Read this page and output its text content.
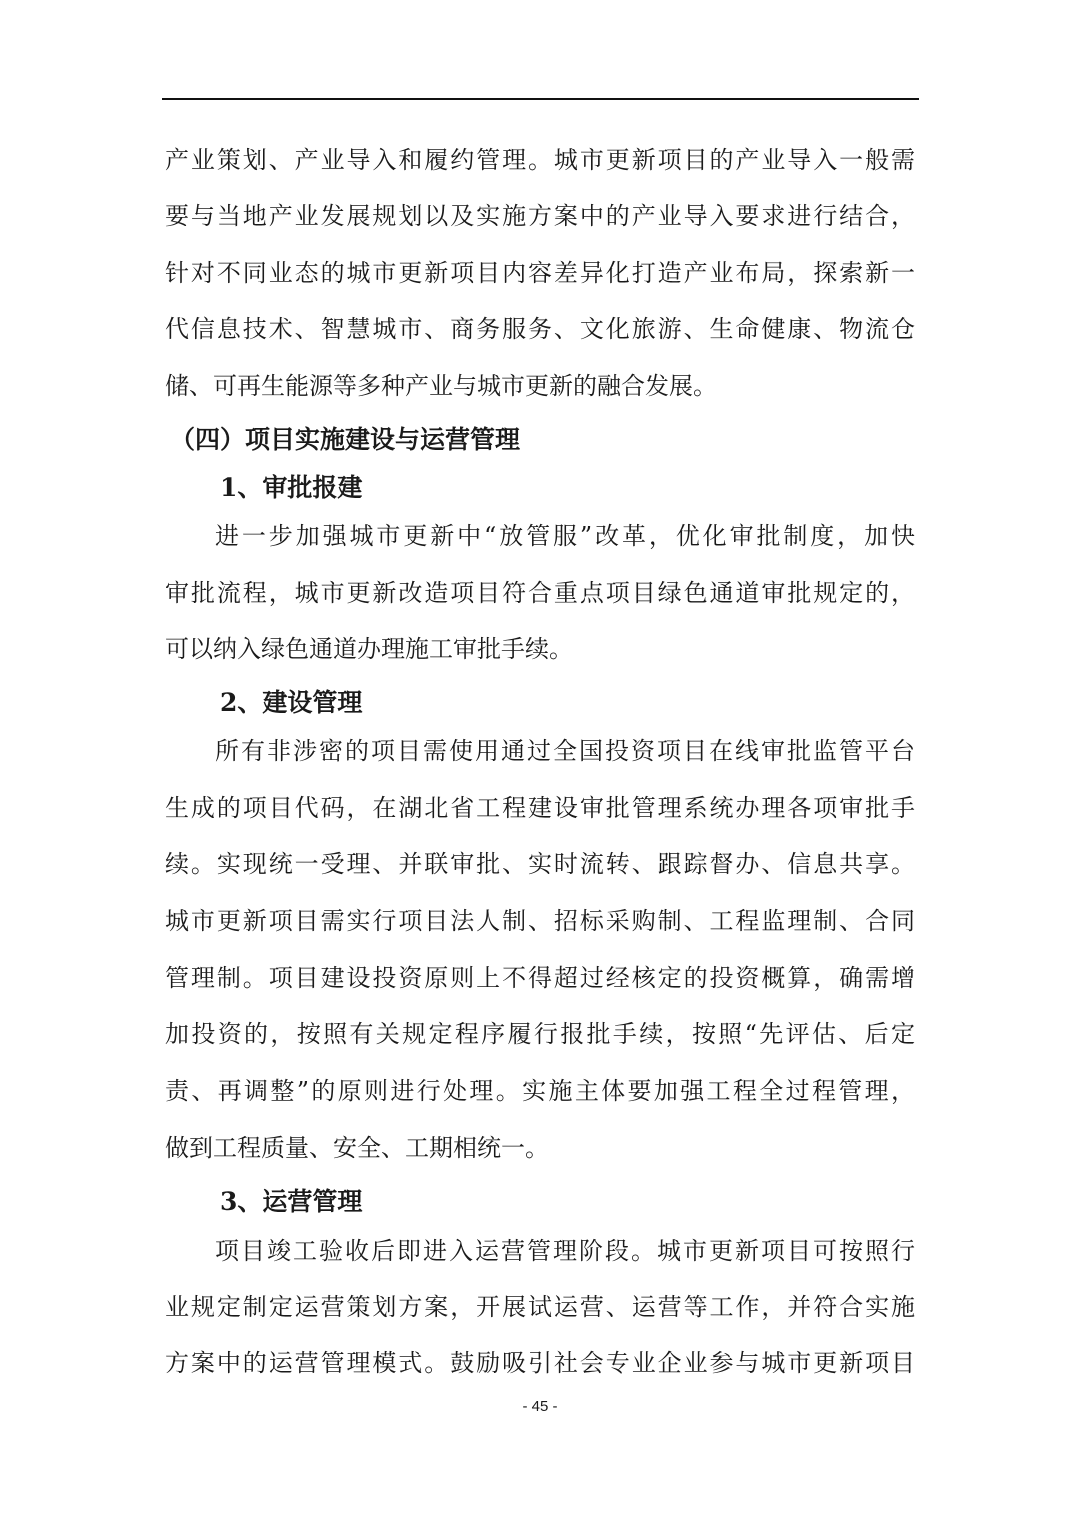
产业策划、产业导入和履约管理。城市更新项目的产业导入一般需
要与当地产业发展规划以及实施方案中的产业导入要求进行结合，
针对不同业态的城市更新项目内容差异化打造产业布局，探索新一
代信息技术、智慧城市、商务服务、文化旅游、生命健康、物流仓
储、可再生能源等多种产业与城市更新的融合发展。
（四）项目实施建设与运营管理
1、审批报建
进一步加强城市更新中“放管服”改革，优化审批制度，加快
审批流程，城市更新改造项目符合重点项目绿色通道审批规定的，
可以纳入绿色通道办理施工审批手续。
2、建设管理
所有非涉密的项目需使用通过全国投资项目在线审批监管平台
生成的项目代码，在湖北省工程建设审批管理系统办理各项审批手
续。实现统一受理、并联审批、实时流转、跟踪督办、信息共享。
城市更新项目需实行项目法人制、招标采购制、工程监理制、合同
管理制。项目建设投资原则上不得超过经核定的投资概算，确需增
加投资的，按照有关规定程序履行报批手续，按照“先评估、后定
责、再调整”的原则进行处理。实施主体要加强工程全过程管理，
做到工程质量、安全、工期相统一。
3、运营管理
项目竣工验收后即进入运营管理阶段。城市更新项目可按照行
业规定制定运营策划方案，开展试运营、运营等工作，并符合实施
方案中的运营管理模式。鼓励吸引社会专业企业参与城市更新项目
- 45 -
